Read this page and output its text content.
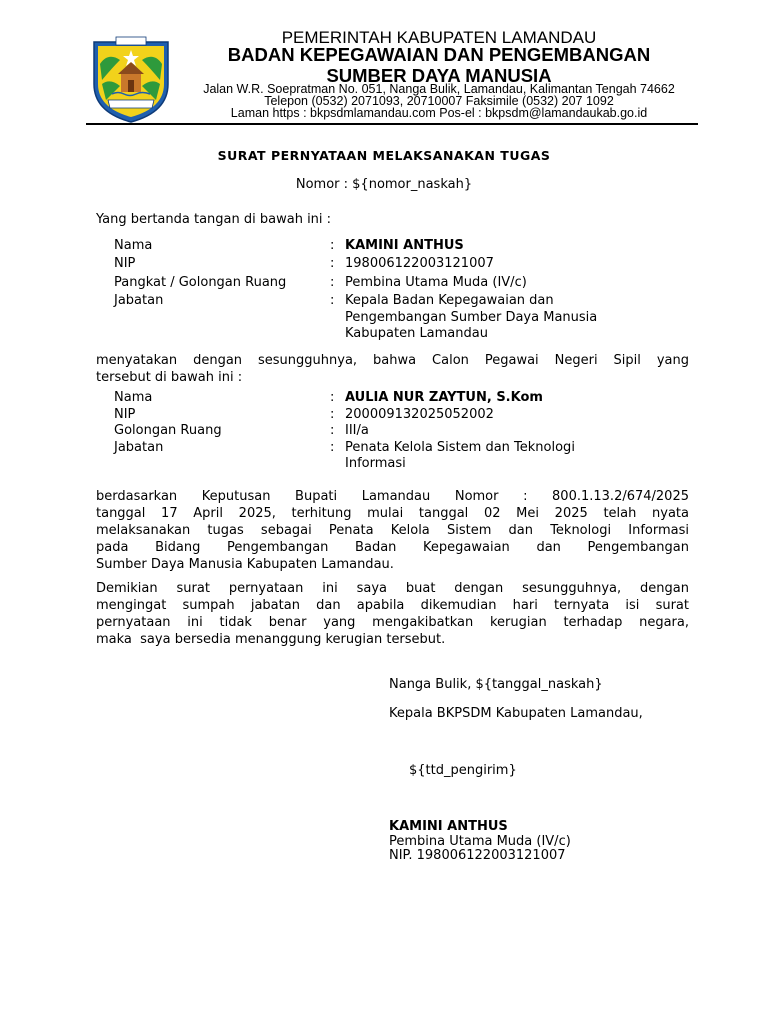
PEMERINTAH KABUPATEN LAMANDAU
BADAN KEPEGAWAIAN DAN PENGEMBANGAN
SUMBER DAYA MANUSIA
Jalan W.R. Soepratman No. 051, Nanga Bulik, Lamandau, Kalimantan Tengah 74662
Telepon (0532) 2071093, 20710007 Faksimile (0532) 207 1092
Laman https : bkpsdmlamandau.com Pos-el : bkpsdm@lamandaukab.go.id
SURAT PERNYATAAN MELAKSANAKAN TUGAS
Nomor : ${nomor_naskah}
Yang bertanda tangan di bawah ini :
Nama	: KAMINI ANTHUS
NIP	: 198006122003121007
Pangkat / Golongan Ruang	: Pembina Utama Muda (IV/c)
Jabatan	: Kepala Badan Kepegawaian dan
Pengembangan Sumber Daya Manusia
Kabupaten Lamandau
menyatakan dengan sesungguhnya, bahwa Calon Pegawai Negeri Sipil yang
tersebut di bawah ini :
Nama	: AULIA NUR ZAYTUN, S.Kom
NIP	: 200009132025052002
Golongan Ruang	: III/a
Jabatan	: Penata Kelola Sistem dan Teknologi
Informasi
berdasarkan Keputusan Bupati Lamandau Nomor : 800.1.13.2/674/2025
tanggal 17 April 2025, terhitung mulai tanggal 02 Mei 2025 telah nyata
melaksanakan tugas sebagai Penata Kelola Sistem dan Teknologi Informasi
pada Bidang Pengembangan Badan Kepegawaian dan Pengembangan
Sumber Daya Manusia Kabupaten Lamandau.
Demikian surat pernyataan ini saya buat dengan sesungguhnya, dengan
mengingat sumpah jabatan dan apabila dikemudian hari ternyata isi surat
pernyataan ini tidak benar yang mengakibatkan kerugian terhadap negara,
maka  saya bersedia menanggung kerugian tersebut.
Nanga Bulik, ${tanggal_naskah}
Kepala BKPSDM Kabupaten Lamandau,
${ttd_pengirim}
KAMINI ANTHUS
Pembina Utama Muda (IV/c)
NIP. 198006122003121007
